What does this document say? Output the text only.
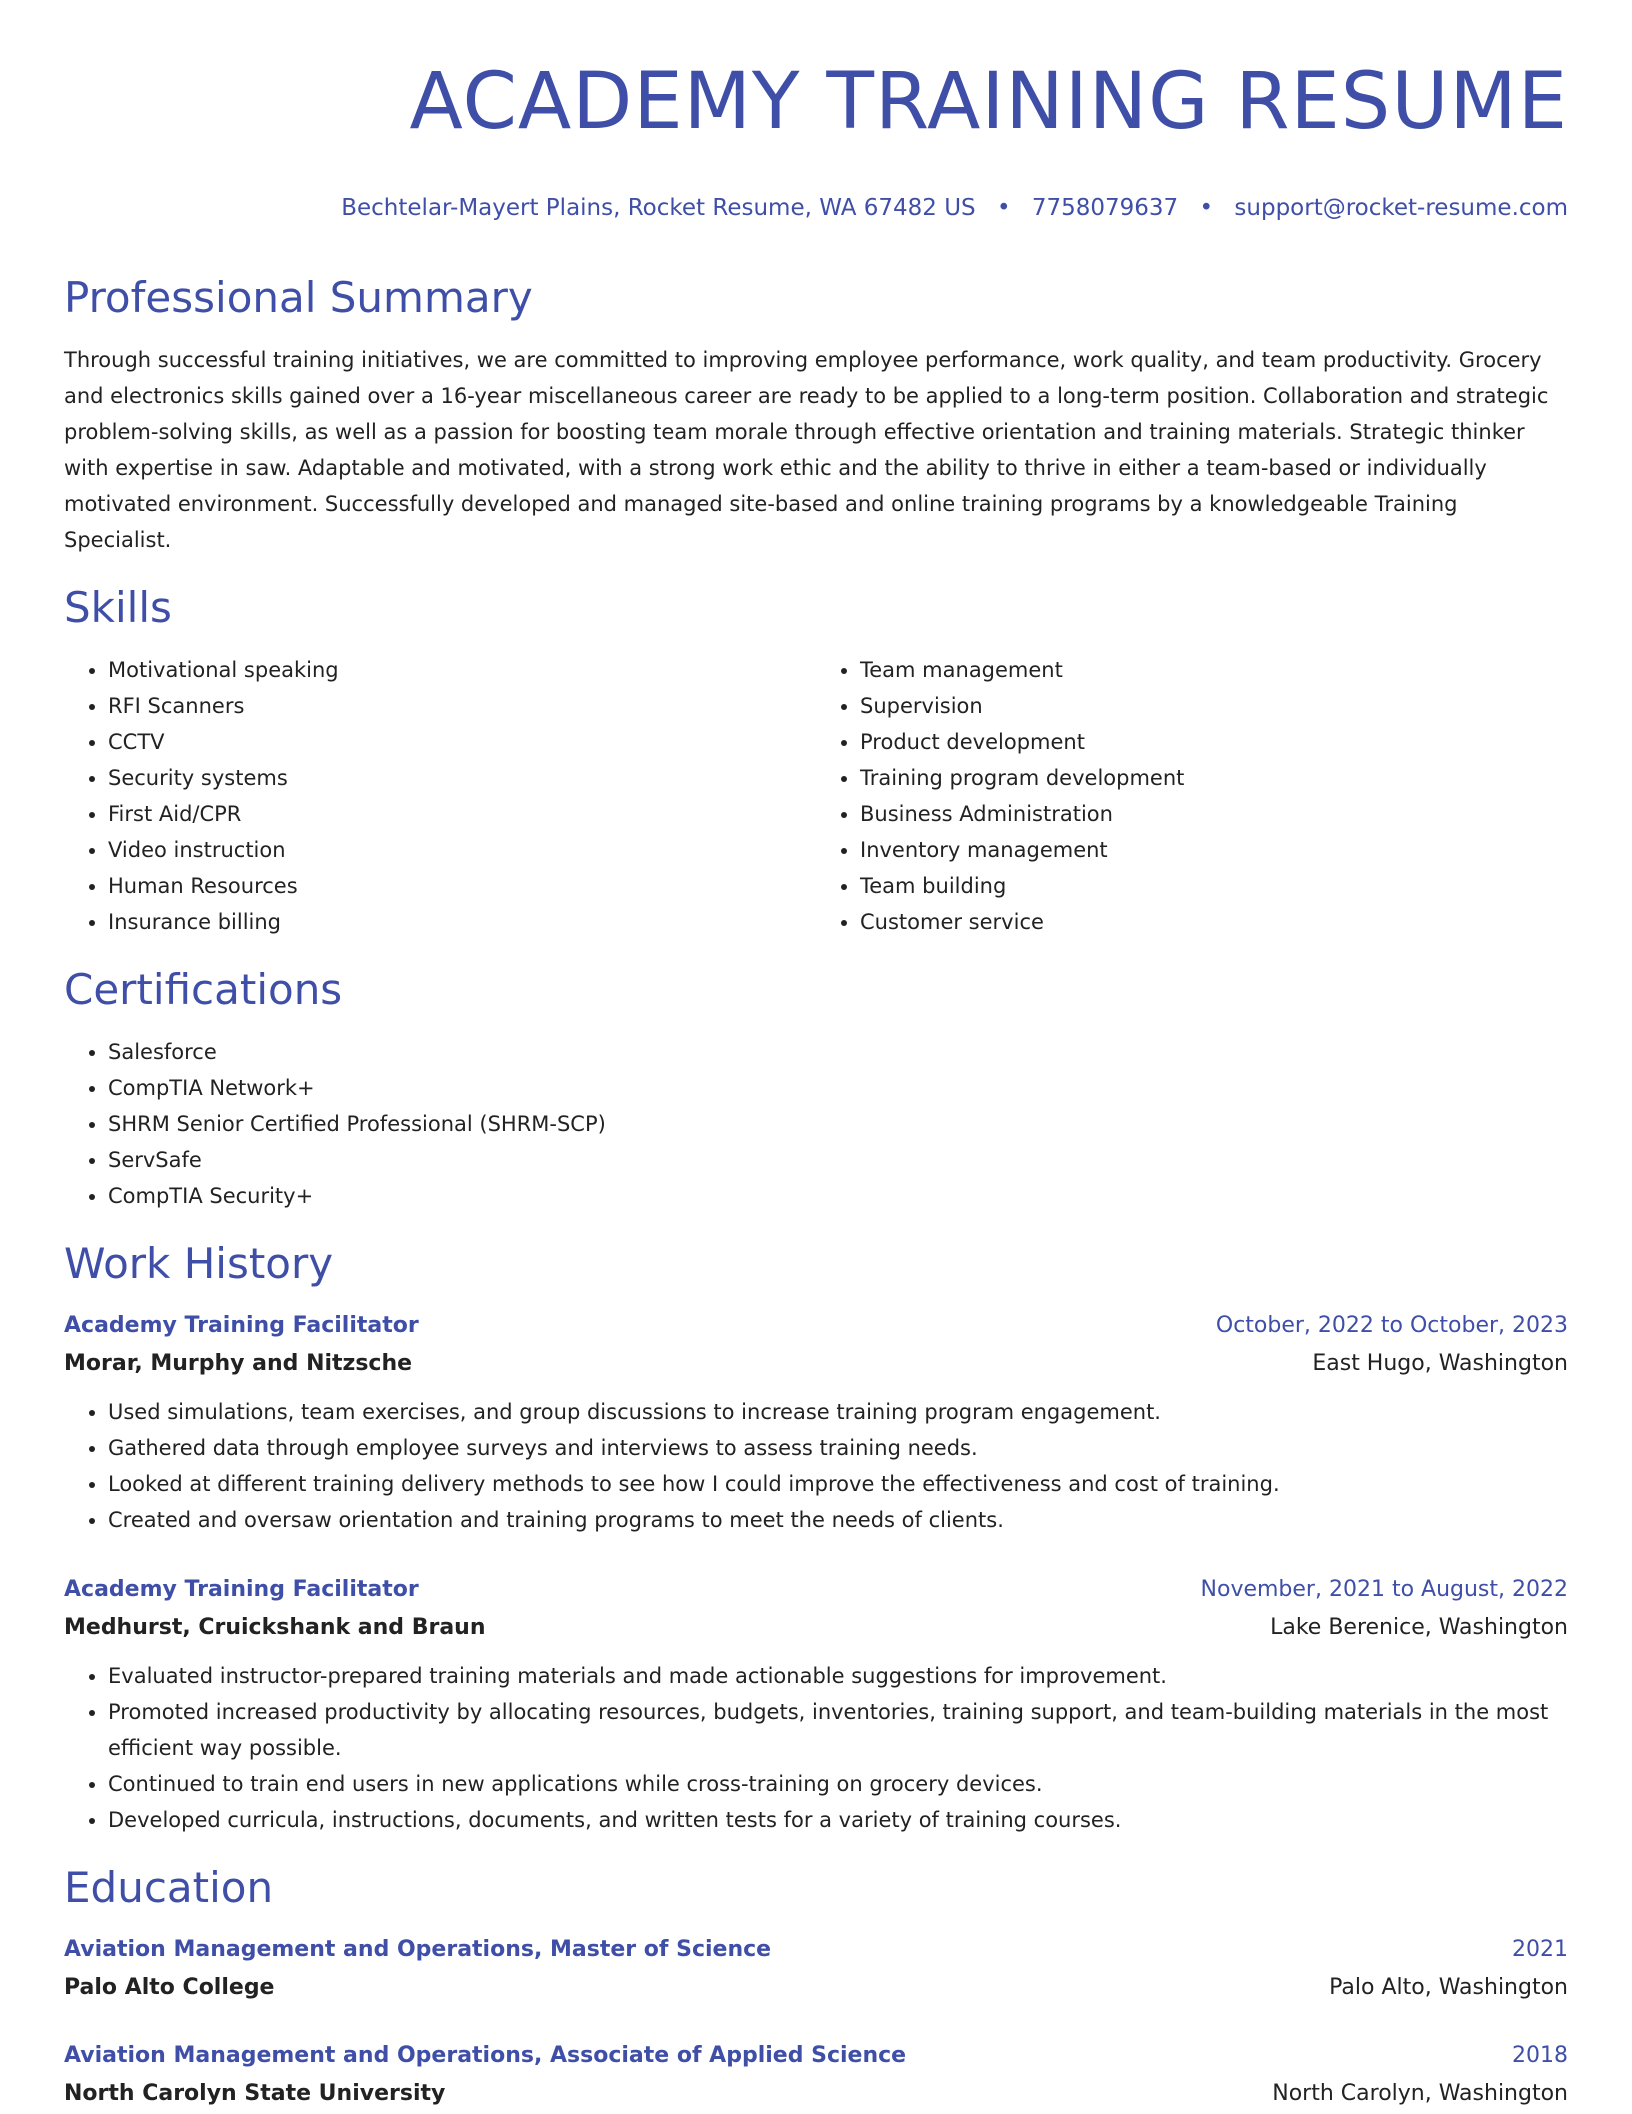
ACADEMY TRAINING RESUME
Bechtelar-Mayert Plains, Rocket Resume, WA 67482 US • 7758079637 • support@rocket-resume.com
Professional Summary

Through successful training initiatives, we are committed to improving employee performance, work quality, and team productivity. Grocery and electronics skills gained over a 16-year miscellaneous career are ready to be applied to a long-term position. Collaboration and strategic problem-solving skills, as well as a passion for boosting team morale through effective orientation and training materials. Strategic thinker with expertise in saw. Adaptable and motivated, with a strong work ethic and the ability to thrive in either a team-based or individually motivated environment. Successfully developed and managed site-based and online training programs by a knowledgeable Training Specialist.

Skills
• Motivational speaking
• RFI Scanners
• CCTV
• Security systems
• First Aid/CPR
• Video instruction
• Human Resources
• Insurance billing
• Team management
• Supervision
• Product development
• Training program development
• Business Administration
• Inventory management
• Team building
• Customer service
Certifications
• Salesforce
• CompTIA Network+
• SHRM Senior Certified Professional (SHRM-SCP)
• ServSafe
• CompTIA Security+
Work History
Academy Training Facilitator	October, 2022 to October, 2023
Morar, Murphy and Nitzsche	East Hugo, Washington
• Used simulations, team exercises, and group discussions to increase training program engagement.
• Gathered data through employee surveys and interviews to assess training needs.
• Looked at different training delivery methods to see how I could improve the effectiveness and cost of training.
• Created and oversaw orientation and training programs to meet the needs of clients.
Academy Training Facilitator	November, 2021 to August, 2022
Medhurst, Cruickshank and Braun	Lake Berenice, Washington
• Evaluated instructor-prepared training materials and made actionable suggestions for improvement.
• Promoted increased productivity by allocating resources, budgets, inventories, training support, and team-building materials in the most efficient way possible.
• Continued to train end users in new applications while cross-training on grocery devices.
• Developed curricula, instructions, documents, and written tests for a variety of training courses.
Education
Aviation Management and Operations, Master of Science	2021
Palo Alto College	Palo Alto, Washington
Aviation Management and Operations, Associate of Applied Science	2018
North Carolyn State University	North Carolyn, Washington
